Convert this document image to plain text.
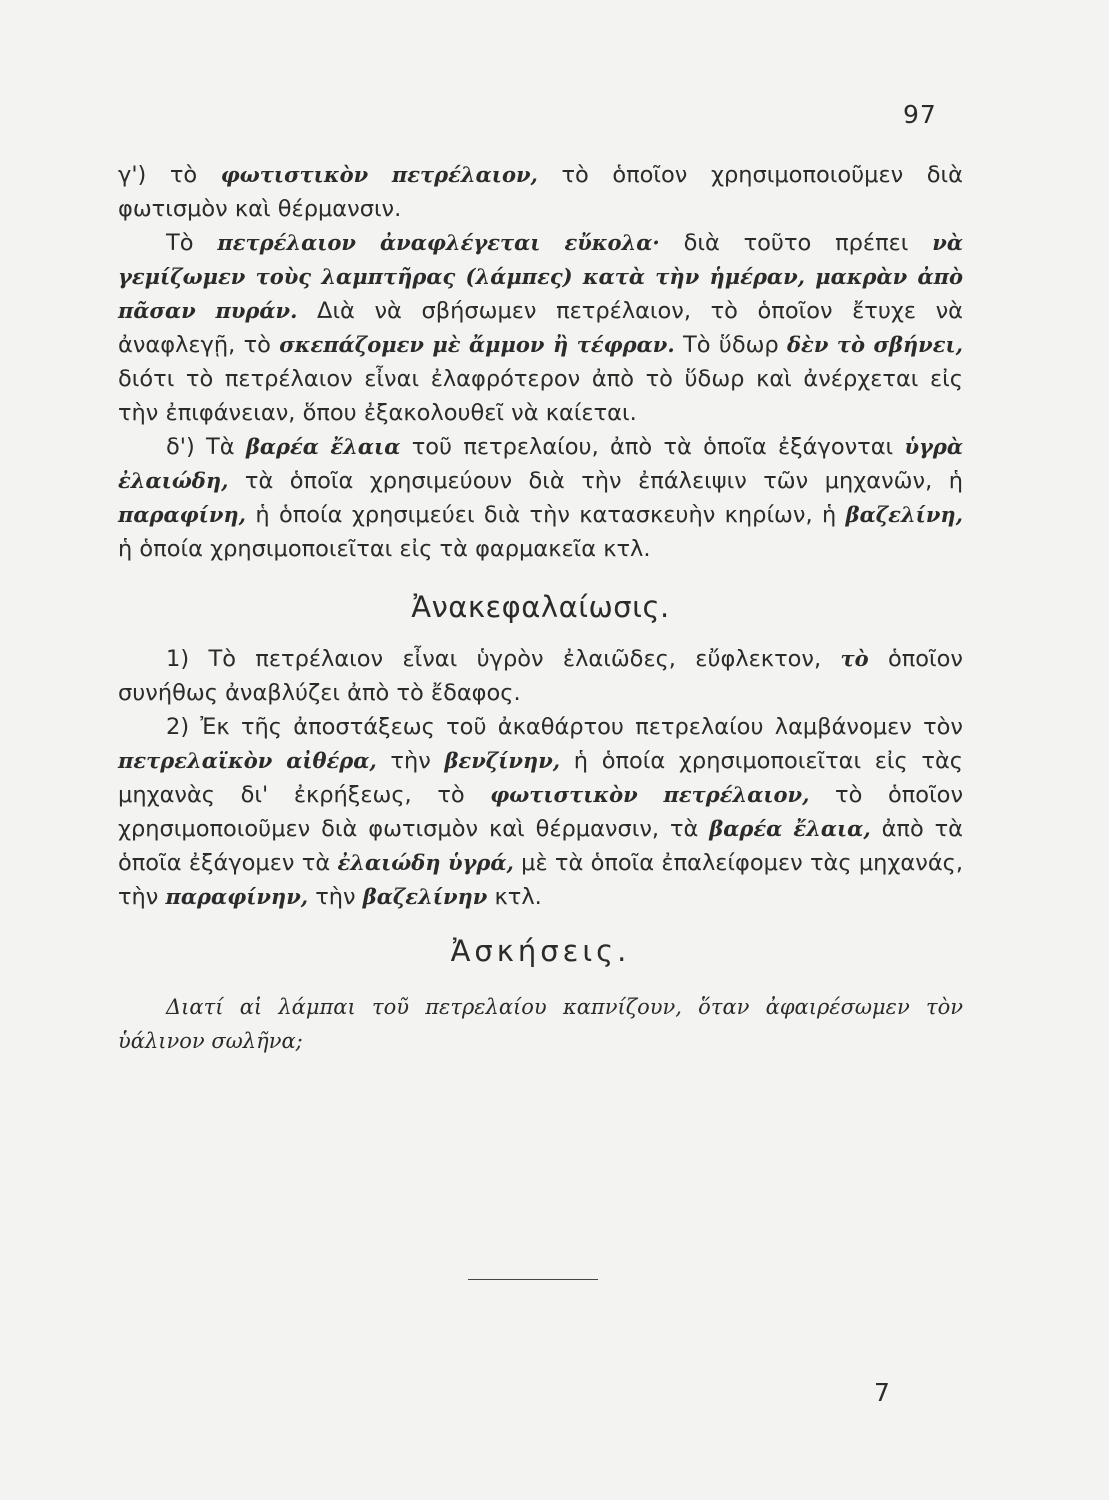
97

γ') τὸ φωτιστικὸν πετρέλαιον, τὸ ὁποῖον χρησιμοποιοῦμεν διὰ φωτισμὸν καὶ θέρμανσιν.

Τὸ πετρέλαιον ἀναφλέγεται εὔκολα· διὰ τοῦτο πρέπει νὰ γεμίζωμεν τοὺς λαμπτῆρας (λάμπες) κατὰ τὴν ἡμέραν, μακρὰν ἀπὸ πᾶσαν πυράν. Διὰ νὰ σβήσωμεν πετρέλαιον, τὸ ὁποῖον ἔτυχε νὰ ἀναφλεγῇ, τὸ σκεπάζομεν μὲ ἄμμον ἢ τέφραν. Τὸ ὕδωρ δὲν τὸ σβήνει, διότι τὸ πετρέλαιον εἶναι ἐλαφρότερον ἀπὸ τὸ ὕδωρ καὶ ἀνέρχεται εἰς τὴν ἐπιφάνειαν, ὅπου ἐξακολουθεῖ νὰ καίεται.

δ') Τὰ βαρέα ἔλαια τοῦ πετρελαίου, ἀπὸ τὰ ὁποῖα ἐξάγονται ὑγρὰ ἐλαιώδη, τὰ ὁποῖα χρησιμεύουν διὰ τὴν ἐπάλειψιν τῶν μηχανῶν, ἡ παραφίνη, ἡ ὁποία χρησιμεύει διὰ τὴν κατασκευὴν κηρίων, ἡ βαζελίνη, ἡ ὁποία χρησιμοποιεῖται εἰς τὰ φαρμακεῖα κτλ.

Ἀνακεφαλαίωσις.

1) Τὸ πετρέλαιον εἶναι ὑγρὸν ἐλαιῶδες, εὔφλεκτον, τὸ ὁποῖον συνήθως ἀναβλύζει ἀπὸ τὸ ἔδαφος.

2) Ἐκ τῆς ἀποστάξεως τοῦ ἀκαθάρτου πετρελαίου λαμβάνομεν τὸν πετρελαϊκὸν αἰθέρα, τὴν βενζίνην, ἡ ὁποία χρησιμοποιεῖται εἰς τὰς μηχανὰς δι' ἐκρήξεως, τὸ φωτιστικὸν πετρέλαιον, τὸ ὁποῖον χρησιμοποιοῦμεν διὰ φωτισμὸν καὶ θέρμανσιν, τὰ βαρέα ἔλαια, ἀπὸ τὰ ὁποῖα ἐξάγομεν τὰ ἐλαιώδη ὑγρά, μὲ τὰ ὁποῖα ἐπαλείφομεν τὰς μηχανάς, τὴν παραφίνην, τὴν βαζελίνην κτλ.

Ἀσκήσεις.

Διατί αἱ λάμπαι τοῦ πετρελαίου καπνίζουν, ὅταν ἀφαιρέσωμεν τὸν ὑάλινον σωλῆνα;

7
